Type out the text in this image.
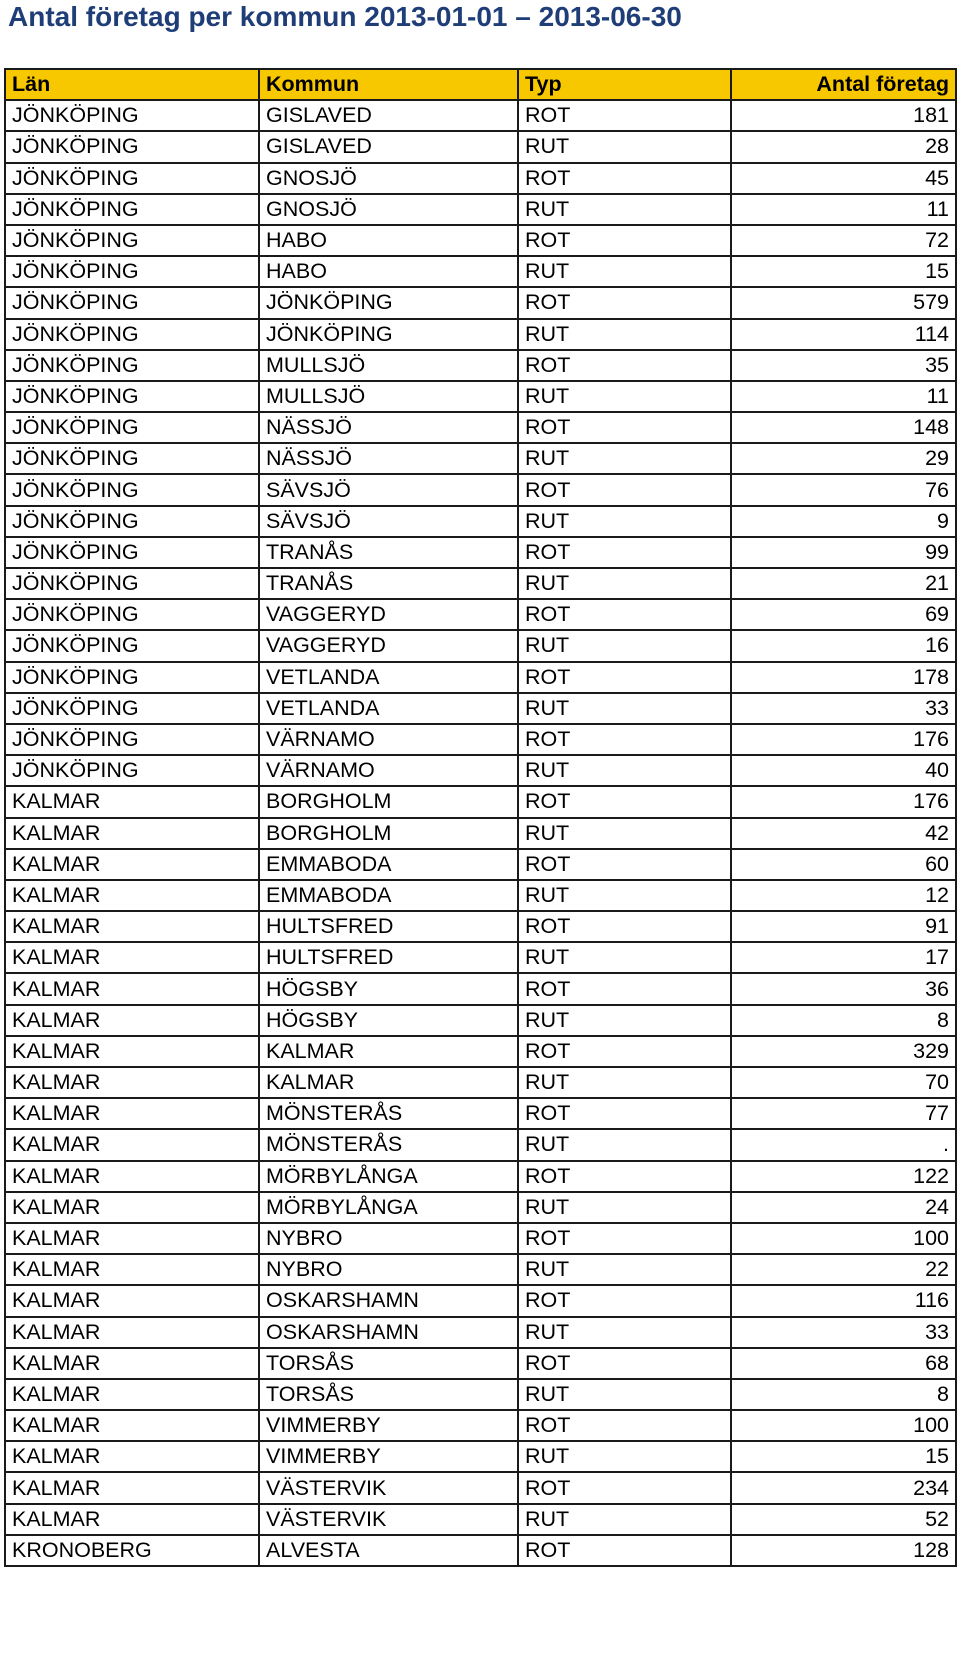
Antal företag per kommun 2013-01-01 – 2013-06-30
Län	Kommun	Typ	Antal företag
JÖNKÖPING	GISLAVED	ROT	181
JÖNKÖPING	GISLAVED	RUT	28
JÖNKÖPING	GNOSJÖ	ROT	45
JÖNKÖPING	GNOSJÖ	RUT	11
JÖNKÖPING	HABO	ROT	72
JÖNKÖPING	HABO	RUT	15
JÖNKÖPING	JÖNKÖPING	ROT	579
JÖNKÖPING	JÖNKÖPING	RUT	114
JÖNKÖPING	MULLSJÖ	ROT	35
JÖNKÖPING	MULLSJÖ	RUT	11
JÖNKÖPING	NÄSSJÖ	ROT	148
JÖNKÖPING	NÄSSJÖ	RUT	29
JÖNKÖPING	SÄVSJÖ	ROT	76
JÖNKÖPING	SÄVSJÖ	RUT	9
JÖNKÖPING	TRANÅS	ROT	99
JÖNKÖPING	TRANÅS	RUT	21
JÖNKÖPING	VAGGERYD	ROT	69
JÖNKÖPING	VAGGERYD	RUT	16
JÖNKÖPING	VETLANDA	ROT	178
JÖNKÖPING	VETLANDA	RUT	33
JÖNKÖPING	VÄRNAMO	ROT	176
JÖNKÖPING	VÄRNAMO	RUT	40
KALMAR	BORGHOLM	ROT	176
KALMAR	BORGHOLM	RUT	42
KALMAR	EMMABODA	ROT	60
KALMAR	EMMABODA	RUT	12
KALMAR	HULTSFRED	ROT	91
KALMAR	HULTSFRED	RUT	17
KALMAR	HÖGSBY	ROT	36
KALMAR	HÖGSBY	RUT	8
KALMAR	KALMAR	ROT	329
KALMAR	KALMAR	RUT	70
KALMAR	MÖNSTERÅS	ROT	77
KALMAR	MÖNSTERÅS	RUT	.
KALMAR	MÖRBYLÅNGA	ROT	122
KALMAR	MÖRBYLÅNGA	RUT	24
KALMAR	NYBRO	ROT	100
KALMAR	NYBRO	RUT	22
KALMAR	OSKARSHAMN	ROT	116
KALMAR	OSKARSHAMN	RUT	33
KALMAR	TORSÅS	ROT	68
KALMAR	TORSÅS	RUT	8
KALMAR	VIMMERBY	ROT	100
KALMAR	VIMMERBY	RUT	15
KALMAR	VÄSTERVIK	ROT	234
KALMAR	VÄSTERVIK	RUT	52
KRONOBERG	ALVESTA	ROT	128
